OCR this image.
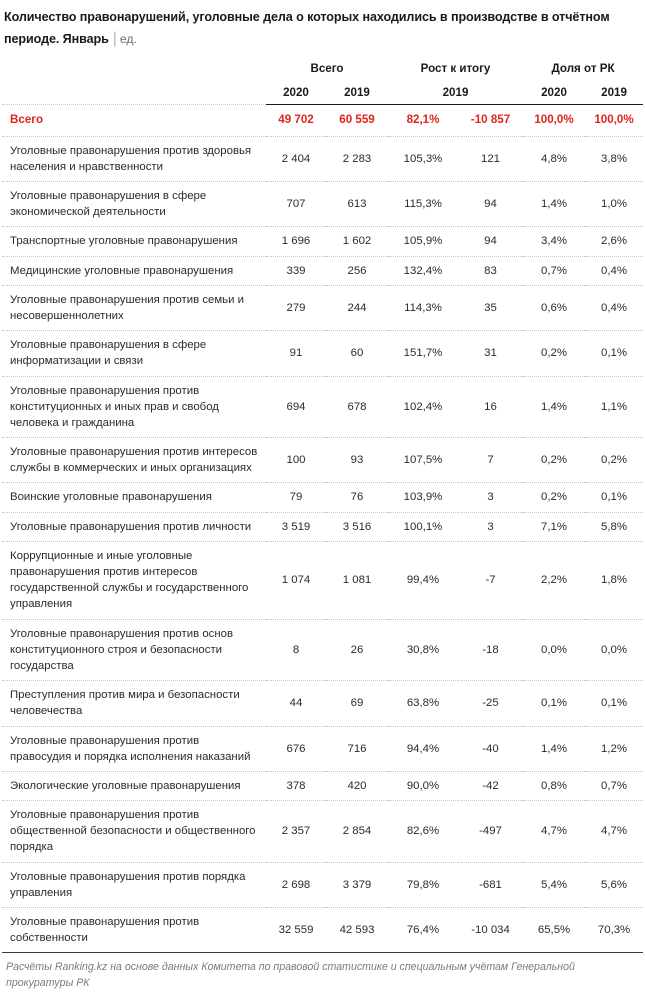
Количество правонарушений, уголовные дела о которых находились в производстве в отчётном периоде. Январь | ед.
	Всего		Рост к итогу		Доля от РК	
	2020	2019	2019		2020	2019
Всего	49 702	60 559	82,1%	-10 857	100,0%	100,0%
Уголовные правонарушения против здоровья населения и нравственности	2 404	2 283	105,3%	121	4,8%	3,8%
Уголовные правонарушения в сфере экономической деятельности	707	613	115,3%	94	1,4%	1,0%
Транспортные уголовные правонарушения	1 696	1 602	105,9%	94	3,4%	2,6%
Медицинские уголовные правонарушения	339	256	132,4%	83	0,7%	0,4%
Уголовные правонарушения против семьи и несовершеннолетних	279	244	114,3%	35	0,6%	0,4%
Уголовные правонарушения в сфере информатизации и связи	91	60	151,7%	31	0,2%	0,1%
Уголовные правонарушения против конституционных и иных прав и свобод человека и гражданина	694	678	102,4%	16	1,4%	1,1%
Уголовные правонарушения против интересов службы в коммерческих и иных организациях	100	93	107,5%	7	0,2%	0,2%
Воинские уголовные правонарушения	79	76	103,9%	3	0,2%	0,1%
Уголовные правонарушения против личности	3 519	3 516	100,1%	3	7,1%	5,8%
Коррупционные и иные уголовные правонарушения против интересов государственной службы и государственного управления	1 074	1 081	99,4%	-7	2,2%	1,8%
Уголовные правонарушения против основ конституционного строя и безопасности государства	8	26	30,8%	-18	0,0%	0,0%
Преступления против мира и безопасности человечества	44	69	63,8%	-25	0,1%	0,1%
Уголовные правонарушения против правосудия и порядка исполнения наказаний	676	716	94,4%	-40	1,4%	1,2%
Экологические уголовные правонарушения	378	420	90,0%	-42	0,8%	0,7%
Уголовные правонарушения против общественной безопасности и общественного порядка	2 357	2 854	82,6%	-497	4,7%	4,7%
Уголовные правонарушения против порядка управления	2 698	3 379	79,8%	-681	5,4%	5,6%
Уголовные правонарушения против собственности	32 559	42 593	76,4%	-10 034	65,5%	70,3%
Расчёты Ranking.kz на основе данных Комитета по правовой статистике и специальным учётам Генеральной прокуратуры РК
